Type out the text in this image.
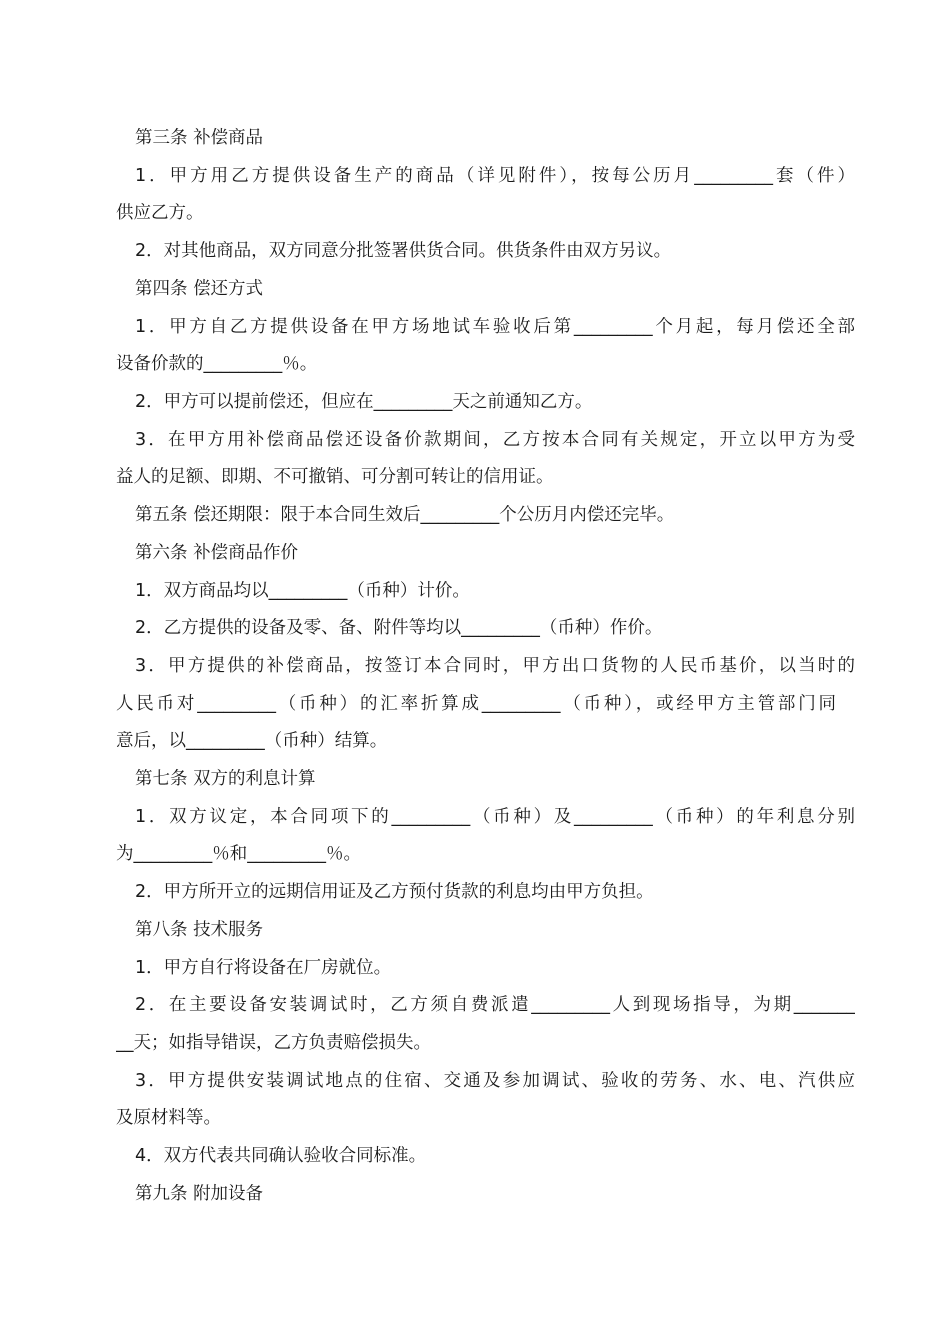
第三条 补偿商品
1．甲方用乙方提供设备生产的商品（详见附件），按每公历月_________套（件）
供应乙方。
2．对其他商品，双方同意分批签署供货合同。供货条件由双方另议。
第四条 偿还方式
1．甲方自乙方提供设备在甲方场地试车验收后第_________个月起，每月偿还全部
设备价款的_________％。
2．甲方可以提前偿还，但应在_________天之前通知乙方。
3．在甲方用补偿商品偿还设备价款期间，乙方按本合同有关规定，开立以甲方为受
益人的足额、即期、不可撤销、可分割可转让的信用证。
第五条 偿还期限：限于本合同生效后_________个公历月内偿还完毕。
第六条 补偿商品作价
1．双方商品均以_________（币种）计价。
2．乙方提供的设备及零、备、附件等均以_________（币种）作价。
3．甲方提供的补偿商品，按签订本合同时，甲方出口货物的人民币基价，以当时的
人民币对_________（币种）的汇率折算成_________（币种），或经甲方主管部门同
意后，以_________（币种）结算。
第七条 双方的利息计算
1．双方议定，本合同项下的_________（币种）及_________（币种）的年利息分别
为_________％和_________％。
2．甲方所开立的远期信用证及乙方预付货款的利息均由甲方负担。
第八条 技术服务
1．甲方自行将设备在厂房就位。
2．在主要设备安装调试时，乙方须自费派遣_________人到现场指导，为期_______
__天；如指导错误，乙方负责赔偿损失。
3．甲方提供安装调试地点的住宿、交通及参加调试、验收的劳务、水、电、汽供应
及原材料等。
4．双方代表共同确认验收合同标准。
第九条 附加设备
